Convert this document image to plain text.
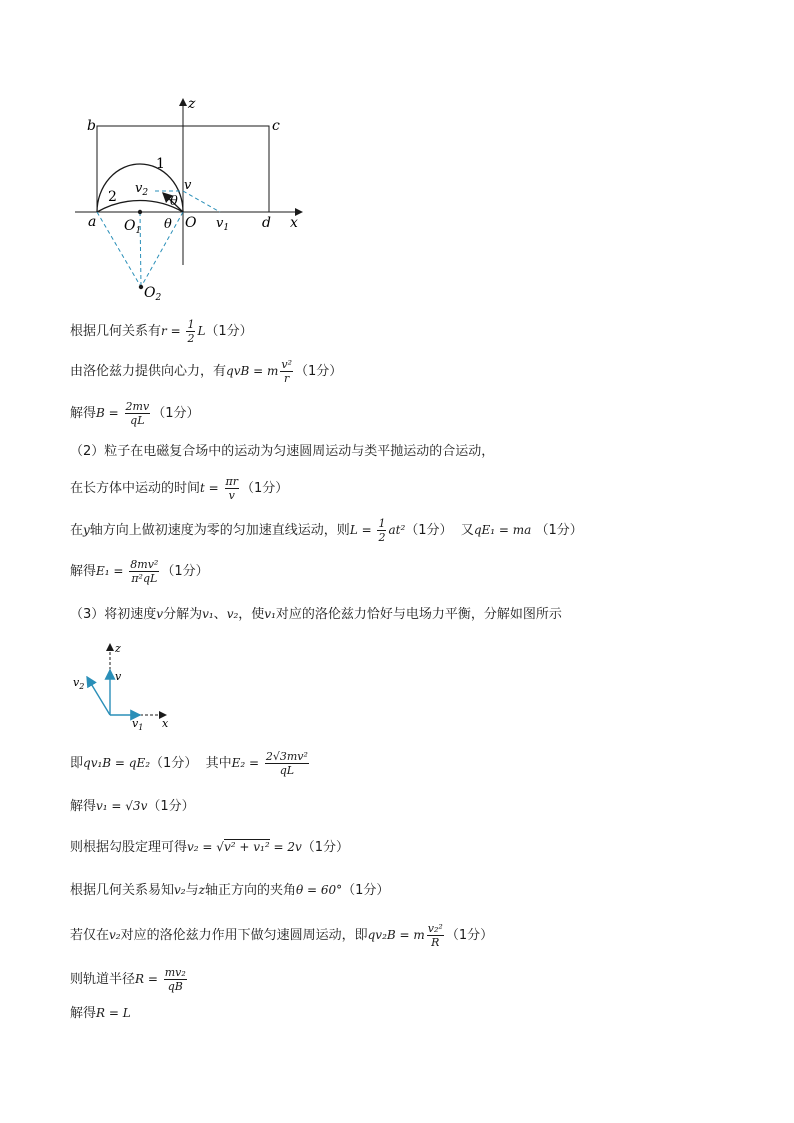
z
b	c
1
2
$v_2$	v
θ
a $O_1$ θ O $v_1$ d x
$O_2$
根据几何关系有$r = \frac{1}{2} L(1$分）
由洛伦兹力提供向心力，有qvB = m $\frac{\text{v²}}{r} (1$分）
解得$B = \frac{2mv}{qL} (1$分）
（2）粒子在电磁复合场中的运动为匀速圆周运动与类平抛运动的合运动，
在长方体中运动的时间$t = \frac{\pi r}{v} (1$分）
在y轴方向上做初速度为零的匀加速直线运动，则$L = \frac{1}{2} at^2(1$分） 又qE₁ = ma （1分）
解得$E_1 = \frac{\text{8mv²}}{\text{π²qL}} (1$分）
（3）将初速度v分解为v₁、v₂，使v₁对应的洛伦兹力恰好与电场力平衡，分解如图所示
z
v
$v_2$
$v_1$ x
即qv₁B = qE₂（1分） 其中$E_2 = \frac{\text{2√3mv²}}{qL}$
解得v₁ = √3v（1分）
则根据勾股定理可得v₂ = √v² + v₁² = 2v（1分）
根据几何关系易知v₂与z轴正方向的夹角θ = 60°（1分）
若仅在v₂对应的洛伦兹力作用下做匀速圆周运动，即qv₂B = m $\frac{\text{v₂²}}{R} (1$分）
则轨道半径$R = \frac{\text{mv₂}}{qB}$
解得R = L
